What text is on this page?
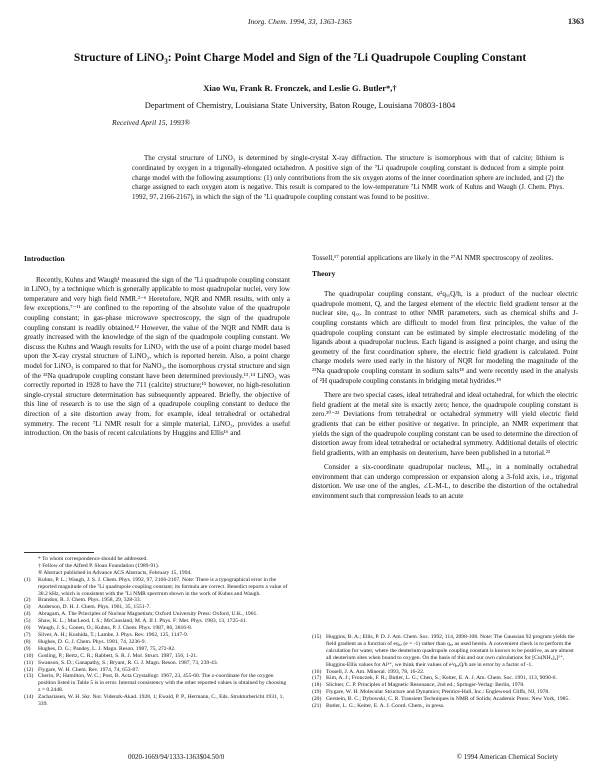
Inorg. Chem. 1994, 33, 1363-1365	1363
Structure of LiNO₃: Point Charge Model and Sign of the ⁷Li Quadrupole Coupling Constant
Xiao Wu, Frank R. Fronczek, and Leslie G. Butler*,†
Department of Chemistry, Louisiana State University, Baton Rouge, Louisiana 70803-1804
Received April 15, 1993®
The crystal structure of LiNO₃ is determined by single-crystal X-ray diffraction. The structure is isomorphous with that of calcite; lithium is coordinated by oxygen in a trigonally-elongated octahedron. A positive sign of the ⁷Li quadrupole coupling constant is deduced from a simple point charge model with the following assumptions: (1) only contributions from the six oxygen atoms of the inner coordination sphere are included, and (2) the charge assigned to each oxygen atom is negative. This result is compared to the low-temperature ⁷Li NMR work of Kuhns and Waugh (J. Chem. Phys. 1992, 97, 2166-2167), in which the sign of the ⁷Li quadrupole coupling constant was found to be positive.
Introduction

Recently, Kuhns and Waugh¹ measured the sign of the ⁷Li quadrupole coupling constant in LiNO₃ by a technique which is generally applicable to most quadrupolar nuclei, very low temperature and very high field NMR.²⁻⁶ Heretofore, NQR and NMR results, with only a few exceptions,⁷⁻¹¹ are confined to the reporting of the absolute value of the quadrupole coupling constant; in gas-phase microwave spectroscopy, the sign of the quadrupole coupling constant is readily obtained.¹² However, the value of the NQR and NMR data is greatly increased with the knowledge of the sign of the quadrupole coupling constant. We discuss the Kuhns and Waugh results for LiNO₃ with the use of a point charge model based upon the X-ray crystal structure of LiNO₃, which is reported herein. Also, a point charge model for LiNO₃ is compared to that for NaNO₃, the isomorphous crystal structure and sign of the ²³Na quadrupole coupling constant have been determined previously.¹³˒¹⁴ LiNO₃ was correctly reported in 1928 to have the 711 (calcite) structure;¹⁵ however, no high-resolution single-crystal structure determination has subsequently appeared. Briefly, the objective of this line of research is to use the sign of a quadrupole coupling constant to deduce the direction of a site distortion away from, for example, ideal tetrahedral or octahedral symmetry. The recent ⁷Li NMR result for a simple material, LiNO₃, provides a useful introduction. On the basis of recent calculations by Huggins and Ellis¹⁶ and

Tossell,¹⁷ potential applications are likely in the ²⁷Al NMR spectroscopy of zeolites.

Theory

The quadrupolar coupling constant, e²qₓₓQ/h, is a product of the nuclear electric quadrupole moment, Q, and the largest element of the electric field gradient tensor at the nuclear site, qₓₓ. In contrast to other NMR parameters, such as chemical shifts and J-coupling constants which are difficult to model from first principles, the value of the quadrupole coupling constant can be estimated by simple electrostatic modeling of the ligands about a quadrupolar nucleus. Each ligand is assigned a point charge, and using the geometry of the first coordination sphere, the electric field gradient is calculated. Point charge models were used early in the history of NQR for modeling the magnitude of the ²³Na quadrupole coupling constant in sodium salts¹⁸ and were recently used in the analysis of ²H quadrupole coupling constants in bridging metal hydrides.¹⁹

There are two special cases, ideal tetrahedral and ideal octahedral, for which the electric field gradient at the metal site is exactly zero; hence, the quadrupole coupling constant is zero.²⁰⁻²² Deviations from tetrahedral or octahedral symmetry will yield electric field gradients that can be either positive or negative. In principle, an NMR experiment that yields the sign of the quadrupole coupling constant can be used to determine the direction of distortion away from ideal tetrahedral or octahedral symmetry. Additional details of electric field gradients, with an emphasis on deuterium, have been published in a tutorial.²³

Consider a six-coordinate quadrupolar nucleus, ML₆, in a nominally octahedral environment that can undergo compression or expansion along a 3-fold axis, i.e., trigonal distortion. We use one of the angles, ∠L-M-L, to describe the distortion of the octahedral environment such that compression leads to an acute

* To whom correspondence should be addressed.
† Fellow of the Alfred P. Sloan Foundation (1989-91).
® Abstract published in Advance ACS Abstracts, February 15, 1994.
(1)	Kuhns, P. L.; Waugh, J. S. J. Chem. Phys. 1992, 97, 2166-2167. Note: There is a typographical error in the reported magnitude of the ⁷Li quadrupole coupling constant; its formula are correct. Benedict reports a value of 30.2 kHz, which is consistent with the ⁷Li NMR spectrum shown in the work of Kuhns and Waugh.
(2)	Brandon, R. J. Chem. Phys. 1958, 29, 328-33.
(3)	Anderson, D. H. J. Chem. Phys. 1961, 35, 1551-7.
(4)	Abragam, A. The Principles of Nuclear Magnetism; Oxford University Press: Oxford, U.K., 1961.
(5)	Shaw, K. L.; MacLeod, I. S.; McCausland, M. A. II J. Phys. F: Met. Phys. 1983, 13, 1725-41.
(6)	Waugh, J. S.; Gonen, O.; Kuhns, P. J. Chem. Phys. 1987, 86, 3816-8.
(7)	Silver, A. H.; Kushida, T.; Lambe, J. Phys. Rev. 1962, 125, 1147-9.
(8)	Hughes, D. G. J. Chem. Phys. 1981, 74, 3236-9.
(9)	Hughes, D. G.; Pandey, L. J. Magn. Reson. 1987, 75, 272-82.
(10) Gosling, P.; Bertz, C. R.; Rabbett, S. R. J. Mol. Struct. 1987, 156, 1-21.
(11) Swanson, S. D.; Ganapathy, S.; Bryant, R. G. J. Magn. Reson. 1987, 73, 239-43.
(12) Flygare, W. H. Chem. Rev. 1974, 74, 653-87.
(13) Cherin, P.; Hamilton, W. C.; Post, B. Acta Crystallogr. 1967, 23, 455-60. The z-coordinate for the oxygen position listed in Table 5 is in error. Internal consistency with the other reported values is obtained by choosing z = 0.2448.
(14) Zachariasen, W. H. Skr. Nor. Videnzk-Akad. 1928, 1; Ewald, P. P., Hermann, C., Eds. Strukturbericht 1931, 1, 339.
(15) Huggins, B. A.; Ellis, P. D. J. Am. Chem. Soc. 1992, 114, 2098-108. Note: The Gaussian 92 program yields the field gradient as a function of eqₓₓ (e = -1) rather than qₓₓ as used herein. A convenient check is to perform the calculation for water, where the deuterium quadrupole coupling constant is known to be positive, as are almost all deuterium sites when bound to oxygen. On the basis of this and our own calculations for [Cu(NH₃)₄]²⁺, Huggins-Ellis values for Al³⁺, we think their values of e²qₓₓQ/h are in error by a factor of -1.
(16) Tossell, J. A. Am. Mineral. 1993, 78, 16-22.
(17) Kim, A. J.; Fronczek, F. R.; Butler, L. G.; Chen, S.; Keiter, E. A. J. Am. Chem. Soc. 1991, 113, 9090-6.
(18) Slichter, C. P. Principles of Magnetic Resonance, 2nd ed.; Springer-Verlag: Berlin, 1978.
(19) Flygare, W. H. Molecular Structure and Dynamics; Prentice-Hall, Inc.: Englewood Cliffs, NJ, 1978.
(20) Gerstein, B. C.; Dybowski, C. R. Transient Techniques in NMR of Solids; Academic Press: New York, 1985.
(21) Butler, L. G.; Keiter, E. A. J. Coord. Chem., in press.
0020-1669/94/1333-1363$04.50/0	© 1994 American Chemical Society
